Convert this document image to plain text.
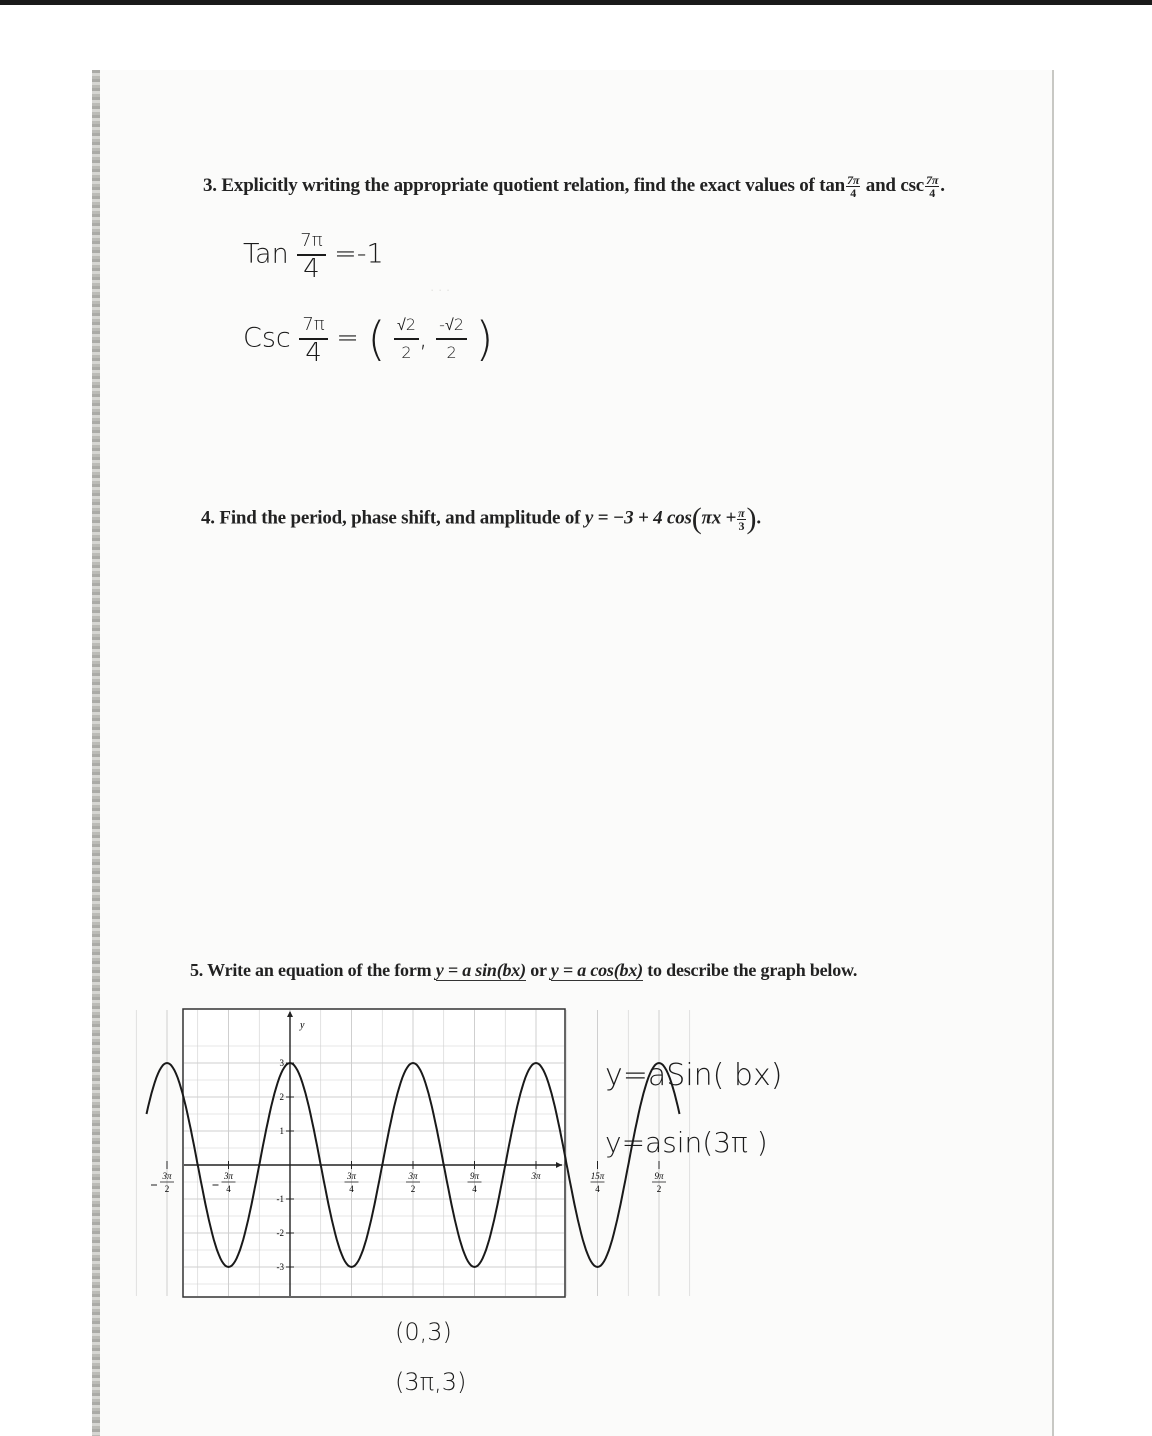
· · ·
3. Explicitly writing the appropriate quotient relation, find the exact values of $\tan \frac{7\pi}{4}$ and $\csc \frac{7\pi}{4}$ .
Tan 7π
4 =-1
Csc 7π
4 = ( $\frac{√2}{2}$ , $\frac{-√2}{2}$ )
4. Find the period, phase shift, and amplitude of y = −3 + 4 $\cos(\pi x + \frac{\pi}{3}$ ).
5. Write an equation of the form y = a sin(bx) or y = a cos(bx) to describe the graph below.
3π
2
3π
4
3π
4
3π
2
9π
4
3π	15π
4
9π
2
3
2
1
-1
-2
-3
y
y=aSin( bx)
y=asin(3π )
(0,3)
(3π,3)
